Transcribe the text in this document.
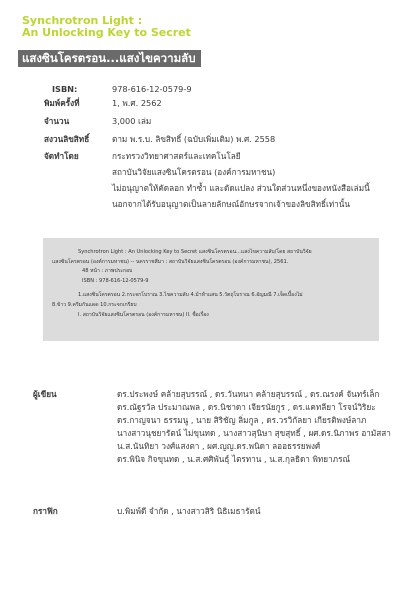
Synchrotron Light :
An Unlocking Key to Secret
แสงซินโครตรอน...แสงไขความลับ
ISBN:	978-616-12-0579-9
พิมพ์ครั้งที่	1, พ.ศ. 2562
จำนวน	3,000 เล่ม
สงวนลิขสิทธิ์	ตาม พ.ร.บ. ลิขสิทธิ์ (ฉบับเพิ่มเติม) พ.ศ. 2558
จัดทำโดย	กระทรวงวิทยาศาสตร์และเทคโนโลยี
สถาบันวิจัยแสงซินโครตรอน (องค์การมหาชน)
ไม่อนุญาตให้คัดลอก ทำซ้ำ และดัดแปลง ส่วนใดส่วนหนึ่งของหนังสือเล่มนี้
นอกจากได้รับอนุญาตเป็นลายลักษณ์อักษรจากเจ้าของลิขสิทธิ์เท่านั้น
Synchrotron Light : An Unlocking Key to Secret แสงซินโครตรอน...แสงไขความลับ/โดย สถาบันวิจัย
แสงซินโครตรอน (องค์การมหาชน) -- นครราชสีมา : สถาบันวิจัยแสงซินโครตรอน (องค์การมหาชน), 2561.
48 หน้า : ภาพประกอบ
ISBN : 978-616-12-0579-9
1.แสงซินโครตรอน 2.กระจกโบราณ 3.ไขความลับ 4.ม้าห้าแสน 5.วัตถุโบราณ 6.อัญมณี 7.เจ็ดเบื้องไม่
8.ข้าว 9.ครีมกันแดด 10.กระจกเกรียบ
I. สถาบันวิจัยแสงซินโครตรอน (องค์การมหาชน) II. ชื่อเรื่อง
ผู้เขียน	ดร.ประพงษ์ คล้ายสุบรรณ์ , ดร.วันทนา คล้ายสุบรรณ์ , ดร.ณรงค์ จันทร์เล็ก
ดร.ณัฐรวัล ประมาณพล , ดร.นิชาดา เจียรนัยกูร , ดร.แคทลียา โรจน์วิริยะ
ดร.กาญจนา ธรรมนู , นาย สิริชัญ ลิ่มกูล , ดร.วรวิกัลยา เกียรติพงษ์ลาภ
นางสาวนุชยารัตน์ ไม่ขุนทด , นางสาวสุนิษา สุขสุทธิ์ , ผศ.ดร.นิภาพร อามัสสา
น.ส.นันทิยา วงศ์แสงตา , ผศ.ญญ.ดร.พนิดา ลออธรรยพงศ์
ดร.พินิจ กิจขุนทด , น.ส.ศศิพันธุ์ ไตรทาน , น.ส.กุลธิดา พิทยาภรณ์
กราฟิก	บ.พิมพ์ดี จำกัด , นางสาวสิริ นิธิเมธารัตน์
